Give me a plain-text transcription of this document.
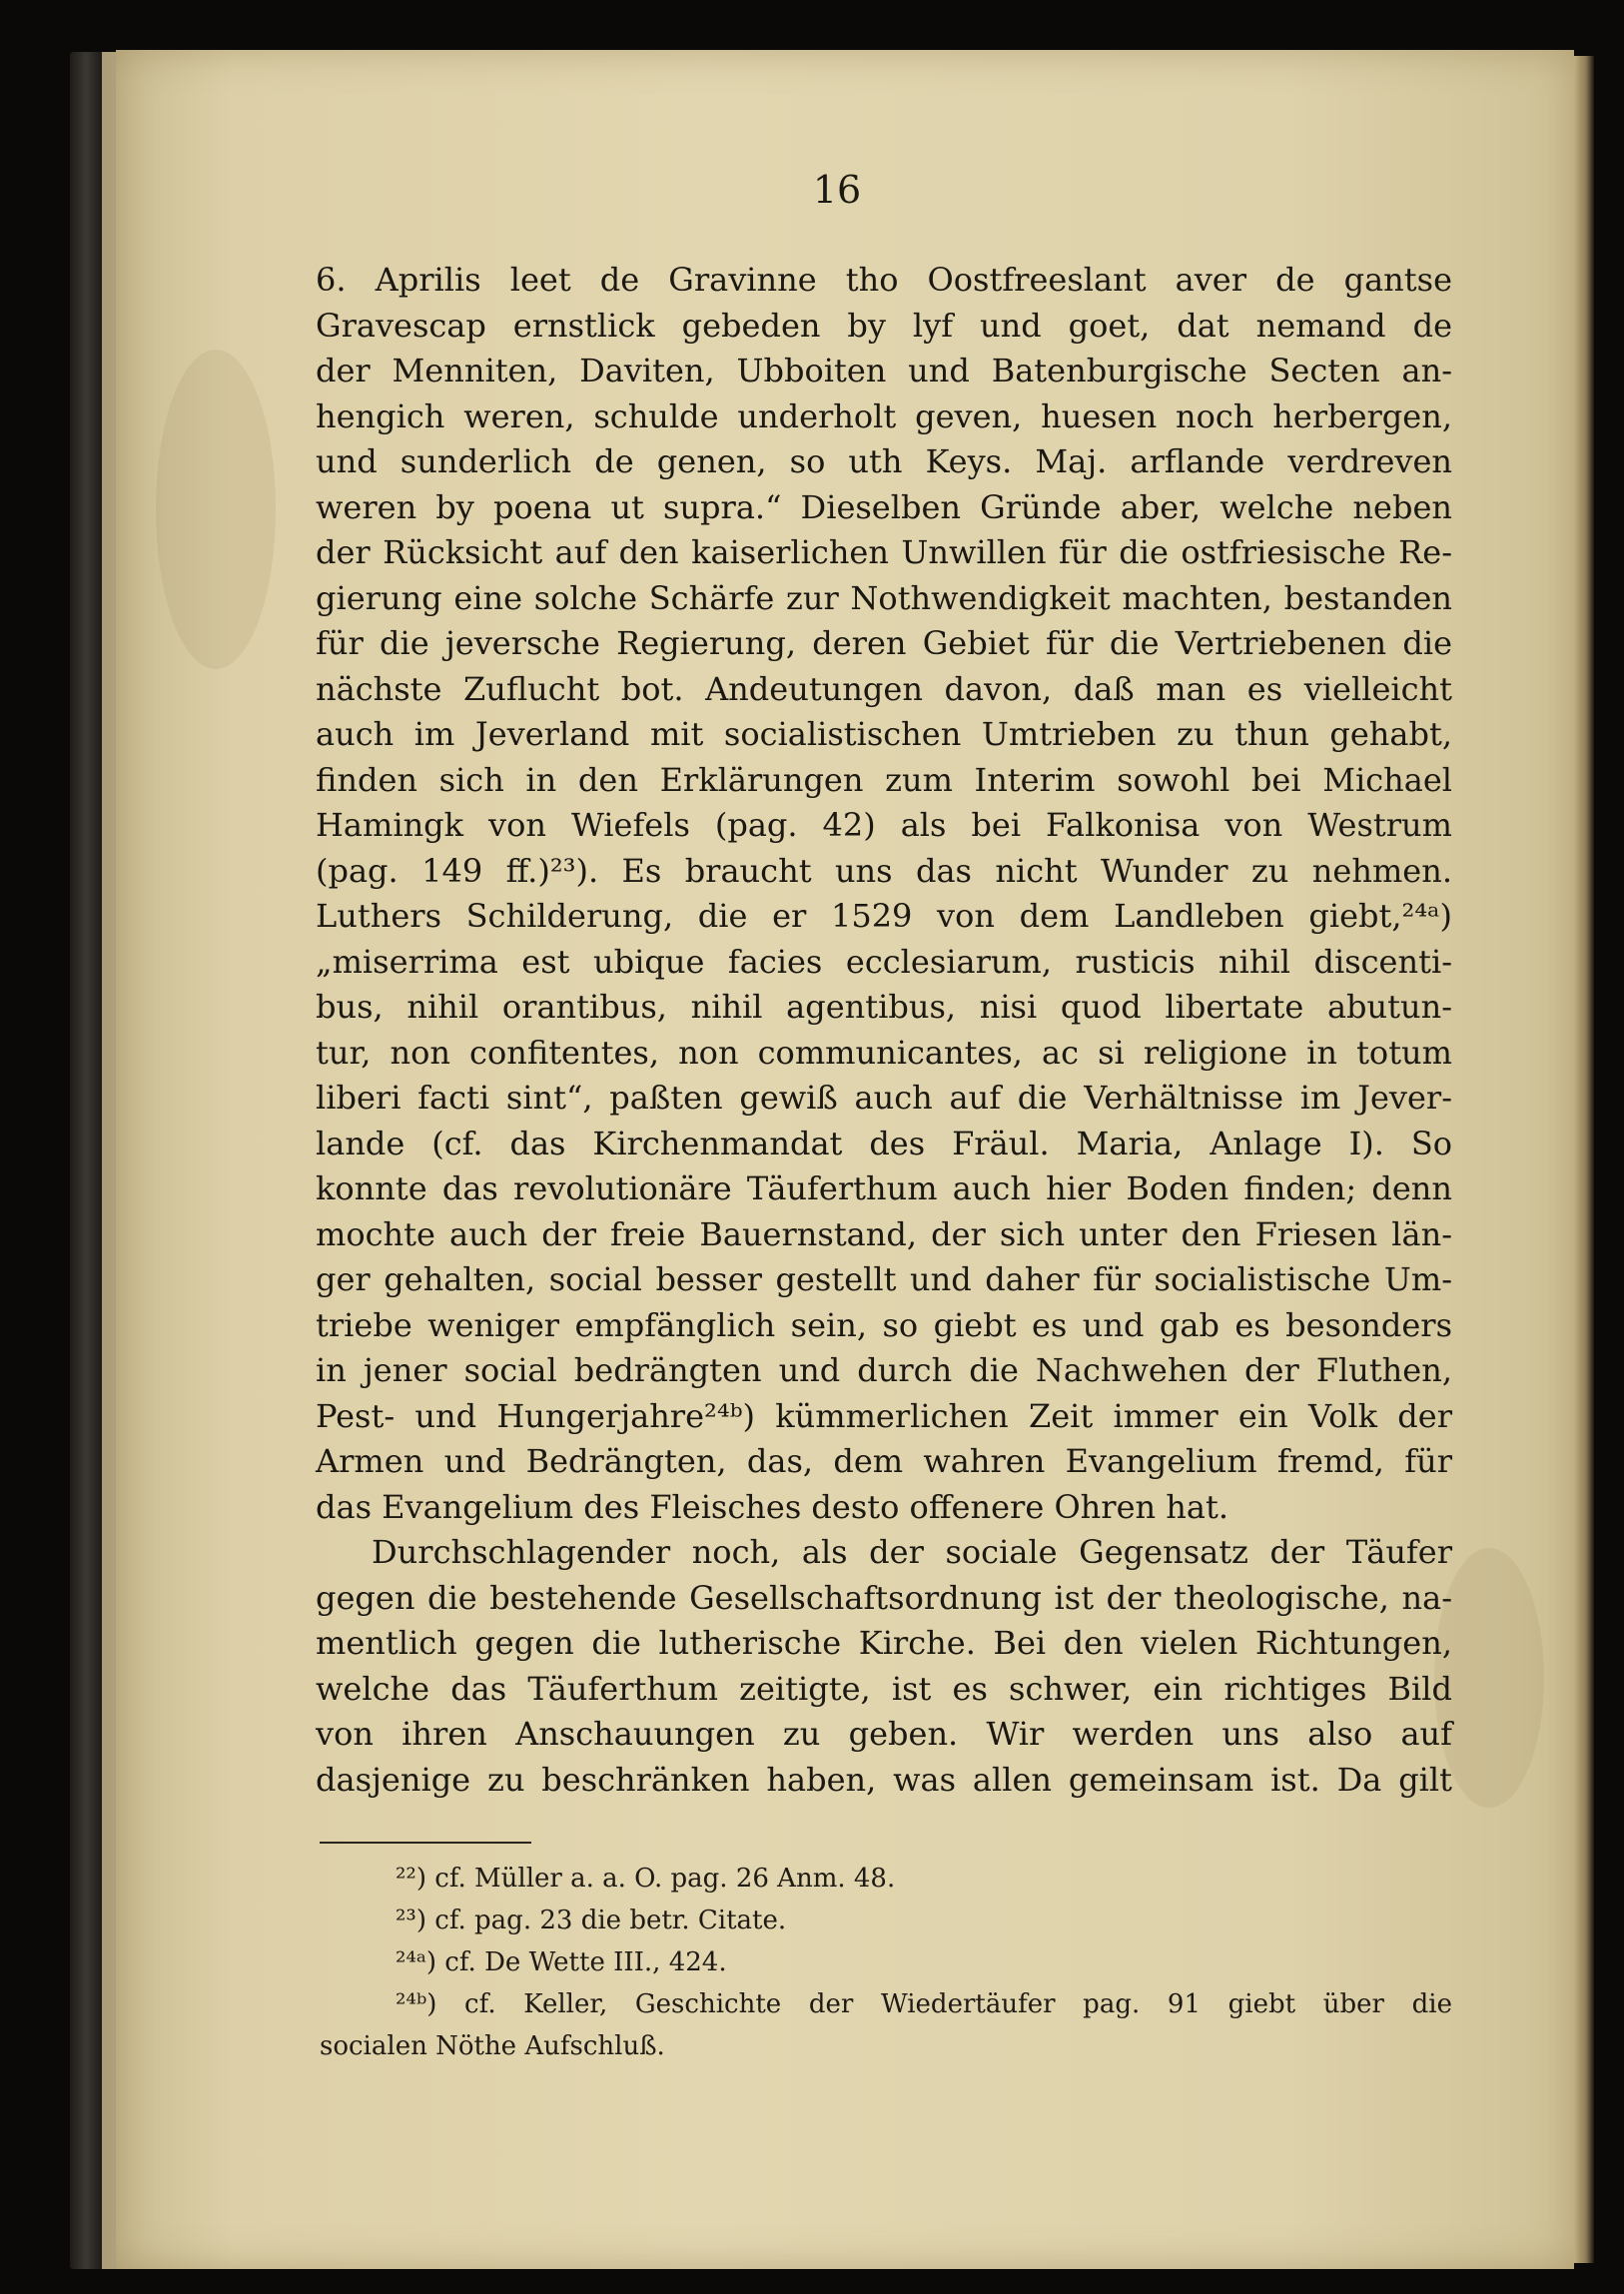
16
6. Aprilis leet de Gravinne tho Oostfreeslant aver de gantse
Gravescap ernstlick gebeden by lyf und goet, dat nemand de
der Menniten, Daviten, Ubboiten und Batenburgische Secten an-
hengich weren, schulde underholt geven, huesen noch herbergen,
und sunderlich de genen, so uth Keys. Maj. arflande verdreven
weren by poena ut supra.“ Dieselben Gründe aber, welche neben
der Rücksicht auf den kaiserlichen Unwillen für die ostfriesische Re-
gierung eine solche Schärfe zur Nothwendigkeit machten, bestanden
für die jeversche Regierung, deren Gebiet für die Vertriebenen die
nächste Zuflucht bot. Andeutungen davon, daß man es vielleicht
auch im Jeverland mit socialistischen Umtrieben zu thun gehabt,
finden sich in den Erklärungen zum Interim sowohl bei Michael
Hamingk von Wiefels (pag. 42) als bei Falkonisa von Westrum
(pag. 149 ff.)²³). Es braucht uns das nicht Wunder zu nehmen.
Luthers Schilderung, die er 1529 von dem Landleben giebt,²⁴ᵃ)
„miserrima est ubique facies ecclesiarum, rusticis nihil discenti-
bus, nihil orantibus, nihil agentibus, nisi quod libertate abutun-
tur, non confitentes, non communicantes, ac si religione in totum
liberi facti sint“, paßten gewiß auch auf die Verhältnisse im Jever-
lande (cf. das Kirchenmandat des Fräul. Maria, Anlage I). So
konnte das revolutionäre Täuferthum auch hier Boden finden; denn
mochte auch der freie Bauernstand, der sich unter den Friesen län-
ger gehalten, social besser gestellt und daher für socialistische Um-
triebe weniger empfänglich sein, so giebt es und gab es besonders
in jener social bedrängten und durch die Nachwehen der Fluthen,
Pest- und Hungerjahre²⁴ᵇ) kümmerlichen Zeit immer ein Volk der
Armen und Bedrängten, das, dem wahren Evangelium fremd, für
das Evangelium des Fleisches desto offenere Ohren hat.
Durchschlagender noch, als der sociale Gegensatz der Täufer
gegen die bestehende Gesellschaftsordnung ist der theologische, na-
mentlich gegen die lutherische Kirche. Bei den vielen Richtungen,
welche das Täuferthum zeitigte, ist es schwer, ein richtiges Bild
von ihren Anschauungen zu geben. Wir werden uns also auf
dasjenige zu beschränken haben, was allen gemeinsam ist. Da gilt
²²) cf. Müller a. a. O. pag. 26 Anm. 48.
²³) cf. pag. 23 die betr. Citate.
²⁴ᵃ) cf. De Wette III., 424.
²⁴ᵇ) cf. Keller, Geschichte der Wiedertäufer pag. 91 giebt über die
socialen Nöthe Aufschluß.
